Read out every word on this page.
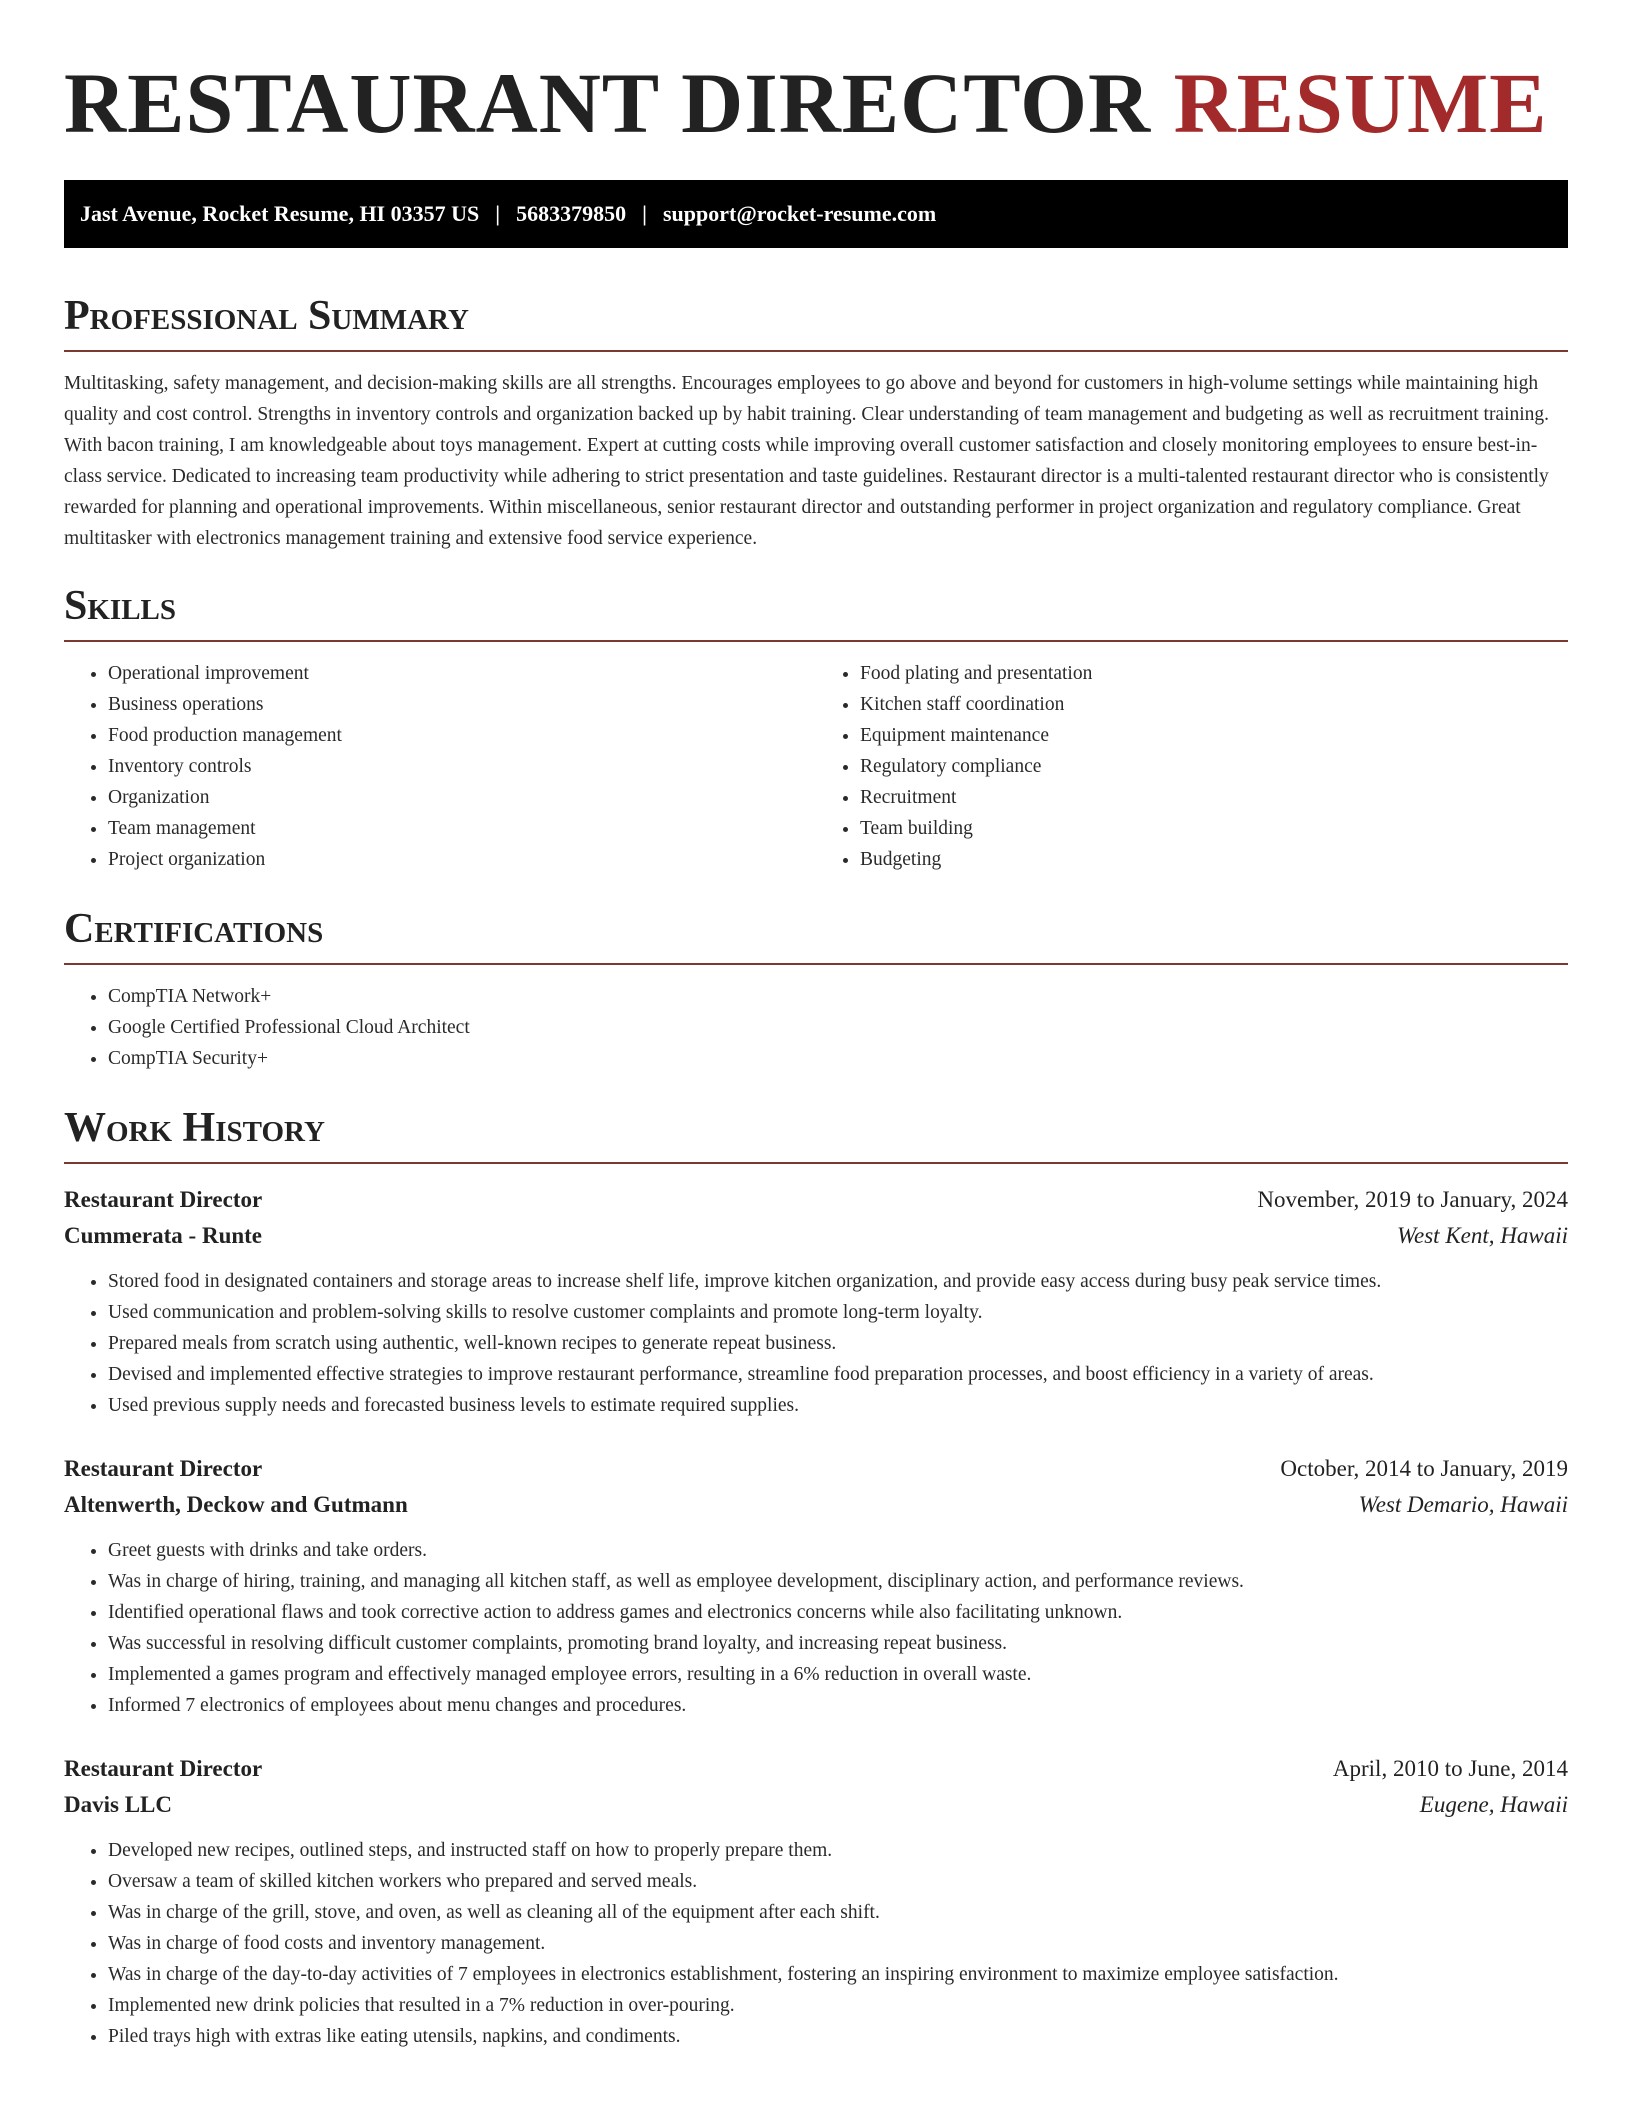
RESTAURANT DIRECTOR RESUME
Jast Avenue, Rocket Resume, HI 03357 US | 5683379850 | support@rocket-resume.com
Professional Summary

Multitasking, safety management, and decision-making skills are all strengths. Encourages employees to go above and beyond for customers in high-volume settings while maintaining high quality and cost control. Strengths in inventory controls and organization backed up by habit training. Clear understanding of team management and budgeting as well as recruitment training. With bacon training, I am knowledgeable about toys management. Expert at cutting costs while improving overall customer satisfaction and closely monitoring employees to ensure best-in-class service. Dedicated to increasing team productivity while adhering to strict presentation and taste guidelines. Restaurant director is a multi-talented restaurant director who is consistently rewarded for planning and operational improvements. Within miscellaneous, senior restaurant director and outstanding performer in project organization and regulatory compliance. Great multitasker with electronics management training and extensive food service experience.

Skills
• Operational improvement
• Business operations
• Food production management
• Inventory controls
• Organization
• Team management
• Project organization
• Food plating and presentation
• Kitchen staff coordination
• Equipment maintenance
• Regulatory compliance
• Recruitment
• Team building
• Budgeting
Certifications
• CompTIA Network+
• Google Certified Professional Cloud Architect
• CompTIA Security+
Work History
Restaurant Director	November, 2019 to January, 2024
Cummerata - Runte	West Kent, Hawaii
• Stored food in designated containers and storage areas to increase shelf life, improve kitchen organization, and provide easy access during busy peak service times.
• Used communication and problem-solving skills to resolve customer complaints and promote long-term loyalty.
• Prepared meals from scratch using authentic, well-known recipes to generate repeat business.
• Devised and implemented effective strategies to improve restaurant performance, streamline food preparation processes, and boost efficiency in a variety of areas.
• Used previous supply needs and forecasted business levels to estimate required supplies.
Restaurant Director	October, 2014 to January, 2019
Altenwerth, Deckow and Gutmann	West Demario, Hawaii
• Greet guests with drinks and take orders.
• Was in charge of hiring, training, and managing all kitchen staff, as well as employee development, disciplinary action, and performance reviews.
• Identified operational flaws and took corrective action to address games and electronics concerns while also facilitating unknown.
• Was successful in resolving difficult customer complaints, promoting brand loyalty, and increasing repeat business.
• Implemented a games program and effectively managed employee errors, resulting in a 6% reduction in overall waste.
• Informed 7 electronics of employees about menu changes and procedures.
Restaurant Director	April, 2010 to June, 2014
Davis LLC	Eugene, Hawaii
• Developed new recipes, outlined steps, and instructed staff on how to properly prepare them.
• Oversaw a team of skilled kitchen workers who prepared and served meals.
• Was in charge of the grill, stove, and oven, as well as cleaning all of the equipment after each shift.
• Was in charge of food costs and inventory management.
• Was in charge of the day-to-day activities of 7 employees in electronics establishment, fostering an inspiring environment to maximize employee satisfaction.
• Implemented new drink policies that resulted in a 7% reduction in over-pouring.
• Piled trays high with extras like eating utensils, napkins, and condiments.
